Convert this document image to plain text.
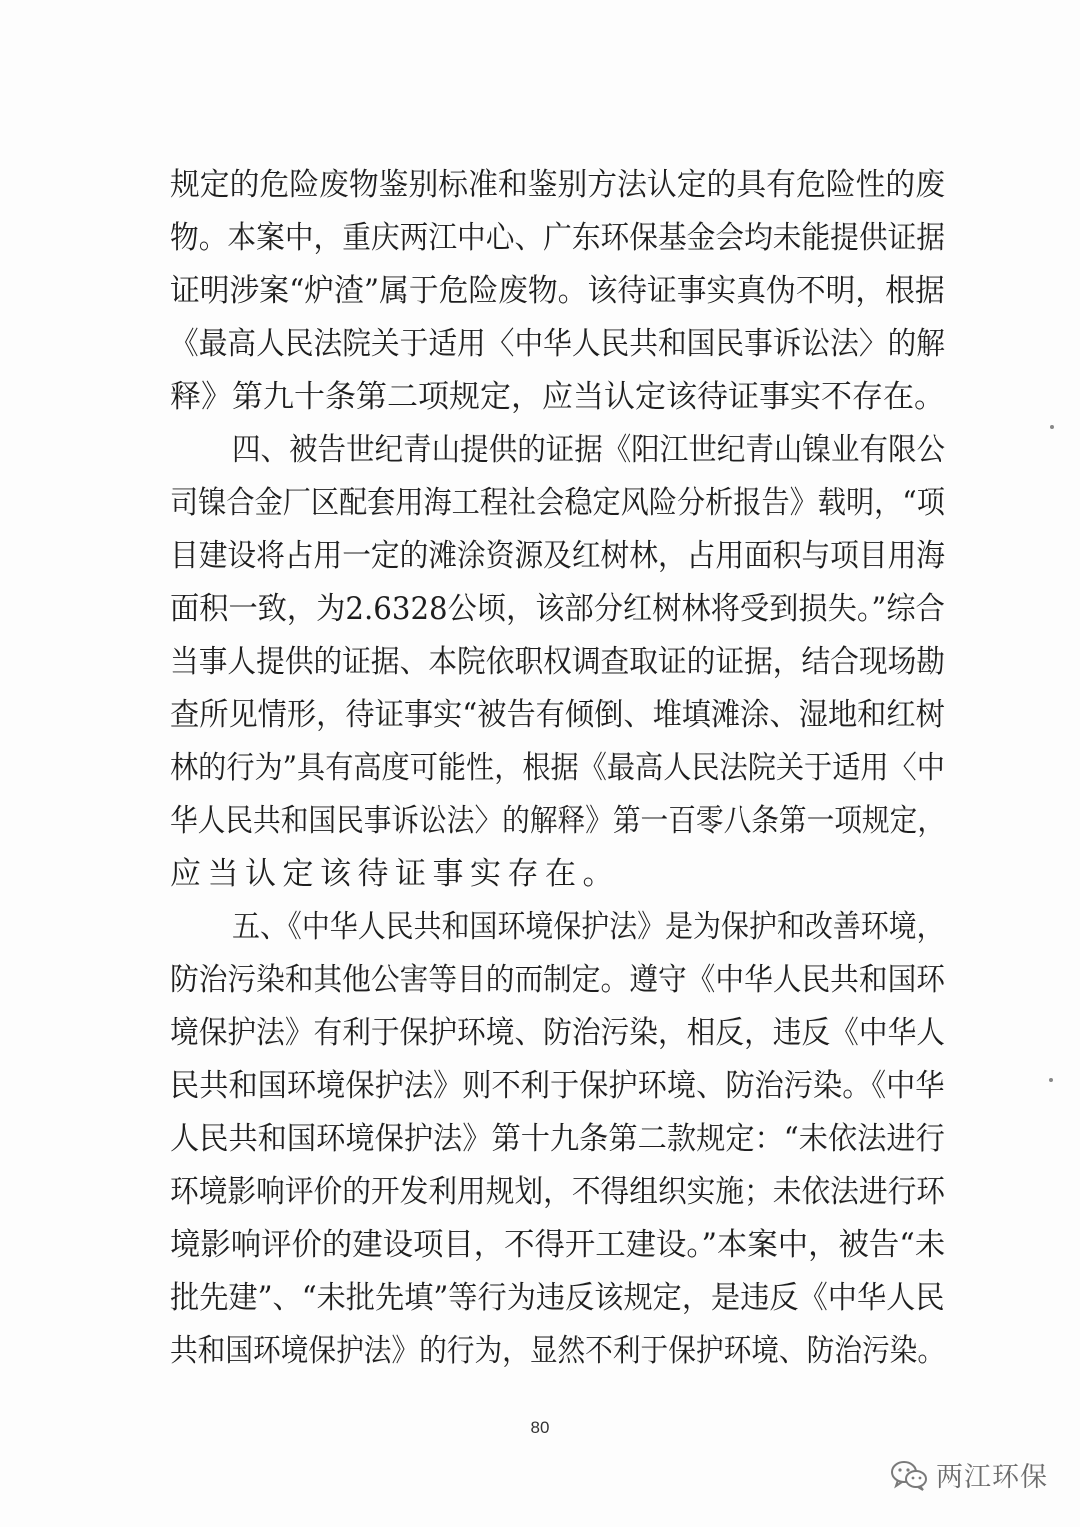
规定的危险废物鉴别标准和鉴别方法认定的具有危险性的废
物。本案中，重庆两江中心、广东环保基金会均未能提供证据
证明涉案“炉渣”属于危险废物。该待证事实真伪不明，根据
《最高人民法院关于适用〈中华人民共和国民事诉讼法〉的解
释》第九十条第二项规定，应当认定该待证事实不存在。
四、被告世纪青山提供的证据《阳江世纪青山镍业有限公
司镍合金厂区配套用海工程社会稳定风险分析报告》载明，“项
目建设将占用一定的滩涂资源及红树林，占用面积与项目用海
面积一致，为2.6328公顷，该部分红树林将受到损失。”综合
当事人提供的证据、本院依职权调查取证的证据，结合现场勘
查所见情形，待证事实“被告有倾倒、堆填滩涂、湿地和红树
林的行为”具有高度可能性，根据《最高人民法院关于适用〈中
华人民共和国民事诉讼法〉的解释》第一百零八条第一项规定，
应当认定该待证事实存在。
五、《中华人民共和国环境保护法》是为保护和改善环境，
防治污染和其他公害等目的而制定。遵守《中华人民共和国环
境保护法》有利于保护环境、防治污染，相反，违反《中华人
民共和国环境保护法》则不利于保护环境、防治污染。《中华
人民共和国环境保护法》第十九条第二款规定：“未依法进行
环境影响评价的开发利用规划，不得组织实施；未依法进行环
境影响评价的建设项目，不得开工建设。”本案中，被告“未
批先建”、“未批先填”等行为违反该规定，是违反《中华人民
共和国环境保护法》的行为，显然不利于保护环境、防治污染。
80
两江环保
